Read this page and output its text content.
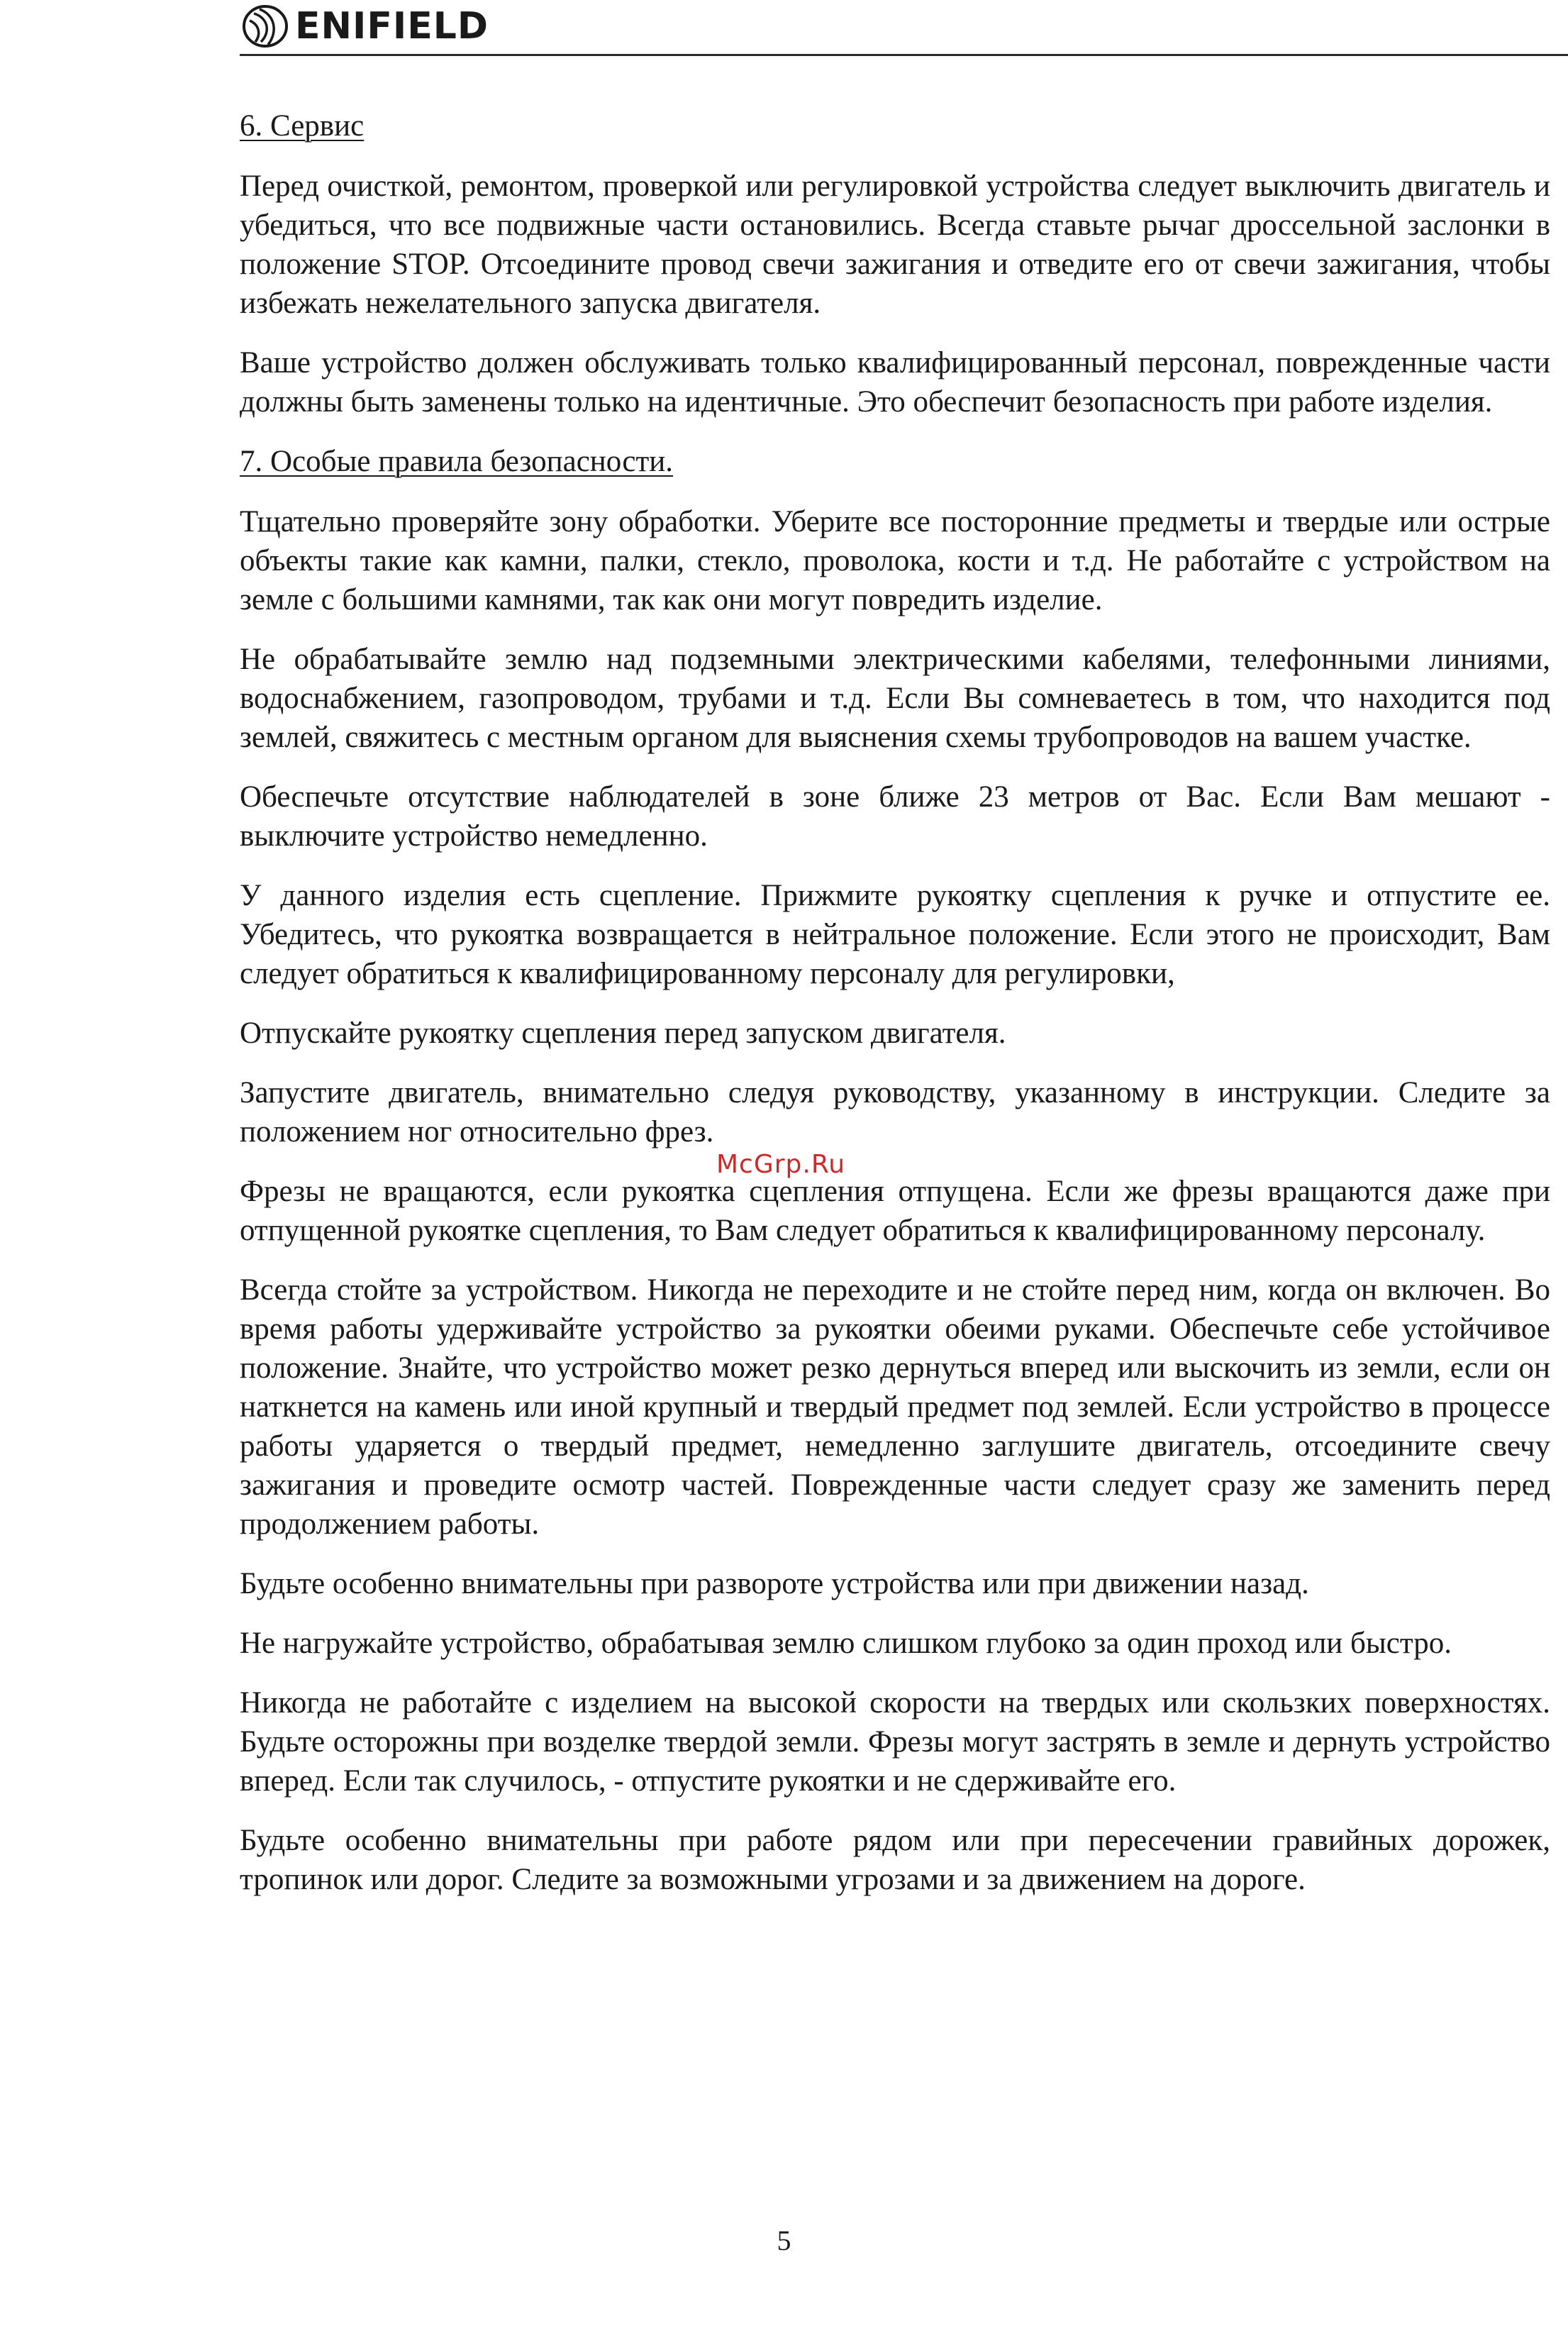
ENIFIELD
6. Сервис

Перед очисткой, ремонтом, проверкой или регулировкой устройства следует выключить двигатель и убедиться, что все подвижные части остановились. Всегда ставьте рычаг дроссельной заслонки в положение STOP. Отсоедините провод свечи зажигания и отведите его от свечи зажигания, чтобы избежать нежелательного запуска двигателя.

Ваше устройство должен обслуживать только квалифицированный персонал, поврежденные части должны быть заменены только на идентичные. Это обеспечит безопасность при работе изделия.

7. Особые правила безопасности.

Тщательно проверяйте зону обработки. Уберите все посторонние предметы и твердые или острые объекты такие как камни, палки, стекло, проволока, кости и т.д. Не работайте с устройством на земле с большими камнями, так как они могут повредить изделие.

Не обрабатывайте землю над подземными электрическими кабелями, телефонными линиями, водоснабжением, газопроводом, трубами и т.д. Если Вы сомневаетесь в том, что находится под землей, свяжитесь с местным органом для выяснения схемы трубопроводов на вашем участке.

Обеспечьте отсутствие наблюдателей в зоне ближе 23 метров от Вас. Если Вам мешают - выключите устройство немедленно.

У данного изделия есть сцепление. Прижмите рукоятку сцепления к ручке и отпустите ее. Убедитесь, что рукоятка возвращается в нейтральное положение. Если этого не происходит, Вам следует обратиться к квалифицированному персоналу для регулировки,

Отпускайте рукоятку сцепления перед запуском двигателя.

Запустите двигатель, внимательно следуя руководству, указанному в инструкции. Следите за положением ног относительно фрез.

Фрезы не вращаются, если рукоятка сцепления отпущена. Если же фрезы вращаются даже при отпущенной рукоятке сцепления, то Вам следует обратиться к квалифицированному персоналу.

Всегда стойте за устройством. Никогда не переходите и не стойте перед ним, когда он включен. Во время работы удерживайте устройство за рукоятки обеими руками. Обеспечьте себе устойчивое положение. Знайте, что устройство может резко дернуться вперед или выскочить из земли, если он наткнется на камень или иной крупный и твердый предмет под землей. Если устройство в процессе работы ударяется о твердый предмет, немедленно заглушите двигатель, отсоедините свечу зажигания и проведите осмотр частей. Поврежденные части следует сразу же заменить перед продолжением работы.

Будьте особенно внимательны при развороте устройства или при движении назад.

Не нагружайте устройство, обрабатывая землю слишком глубоко за один проход или быстро.

Никогда не работайте с изделием на высокой скорости на твердых или скользких поверхностях. Будьте осторожны при возделке твердой земли. Фрезы могут застрять в земле и дернуть устройство вперед. Если так случилось, - отпустите рукоятки и не сдерживайте его.

Будьте особенно внимательны при работе рядом или при пересечении гравийных дорожек, тропинок или дорог. Следите за возможными угрозами и за движением на дороге.

McGrp.Ru
5
